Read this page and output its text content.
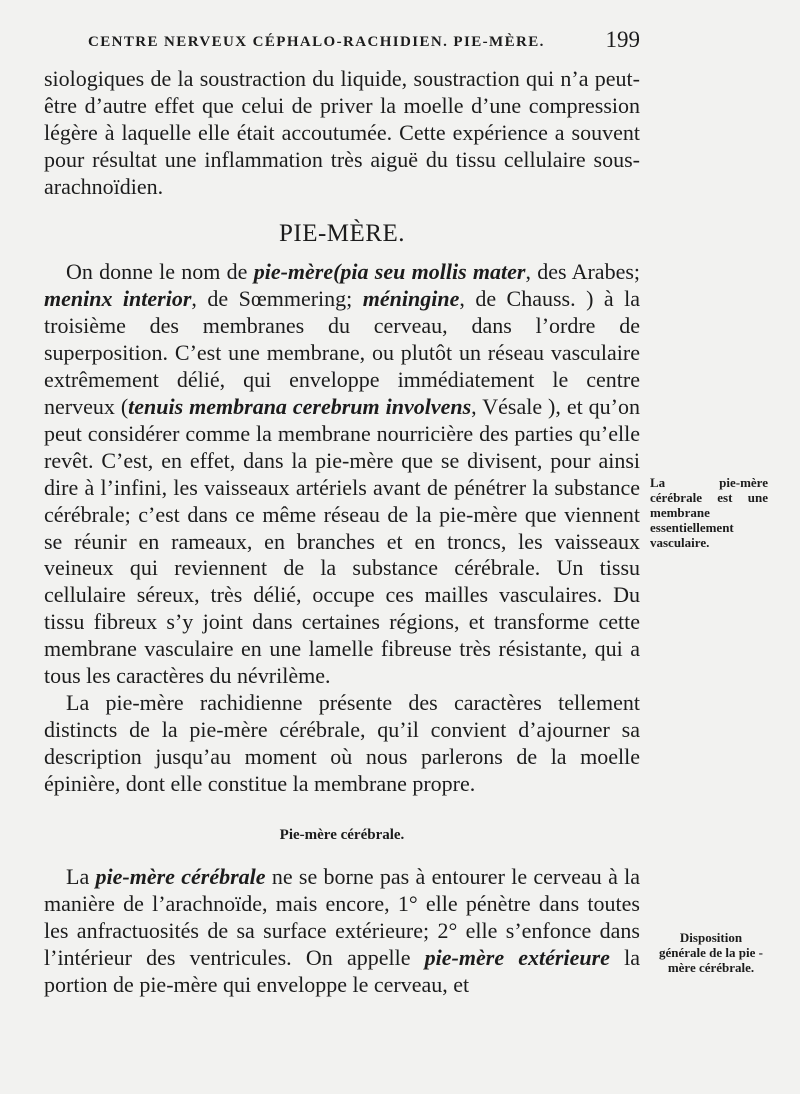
CENTRE NERVEUX CÉPHALO-RACHIDIEN. PIE-MÈRE.	199

siologiques de la soustraction du liquide, soustraction qui n’a peut-être d’autre effet que celui de priver la moelle d’une compression légère à laquelle elle était accoutumée. Cette expérience a souvent pour résultat une inflammation très aiguë du tissu cellulaire sous-arachnoïdien.

PIE-MÈRE.

On donne le nom de pie-mère(pia seu mollis mater, des Arabes; meninx interior, de Sœmmering; méningine, de Chauss. ) à la troisième des membranes du cerveau, dans l’ordre de superposition. C’est une membrane, ou plutôt un réseau vasculaire extrêmement délié, qui enveloppe immédiatement le centre nerveux (tenuis membrana cerebrum involvens, Vésale ), et qu’on peut considérer comme la membrane nourricière des parties qu’elle revêt. C’est, en effet, dans la pie-mère que se divisent, pour ainsi dire à l’infini, les vaisseaux artériels avant de pénétrer la substance cérébrale; c’est dans ce même réseau de la pie-mère que viennent se réunir en rameaux, en branches et en troncs, les vaisseaux veineux qui reviennent de la substance cérébrale. Un tissu cellulaire séreux, très délié, occupe ces mailles vasculaires. Du tissu fibreux s’y joint dans certaines régions, et transforme cette membrane vasculaire en une lamelle fibreuse très résistante, qui a tous les caractères du névrilème.

La pie-mère rachidienne présente des caractères tellement distincts de la pie-mère cérébrale, qu’il convient d’ajourner sa description jusqu’au moment où nous parlerons de la moelle épinière, dont elle constitue la membrane propre.

Pie-mère cérébrale.

La pie-mère cérébrale ne se borne pas à entourer le cerveau à la manière de l’arachnoïde, mais encore, 1° elle pénètre dans toutes les anfractuosités de sa surface extérieure; 2° elle s’enfonce dans l’intérieur des ventricules. On appelle pie-mère extérieure la portion de pie-mère qui enveloppe le cerveau, et

La pie-mère cérébrale est une membrane essentiellement vasculaire.
Disposition générale de la pie - mère cérébrale.
